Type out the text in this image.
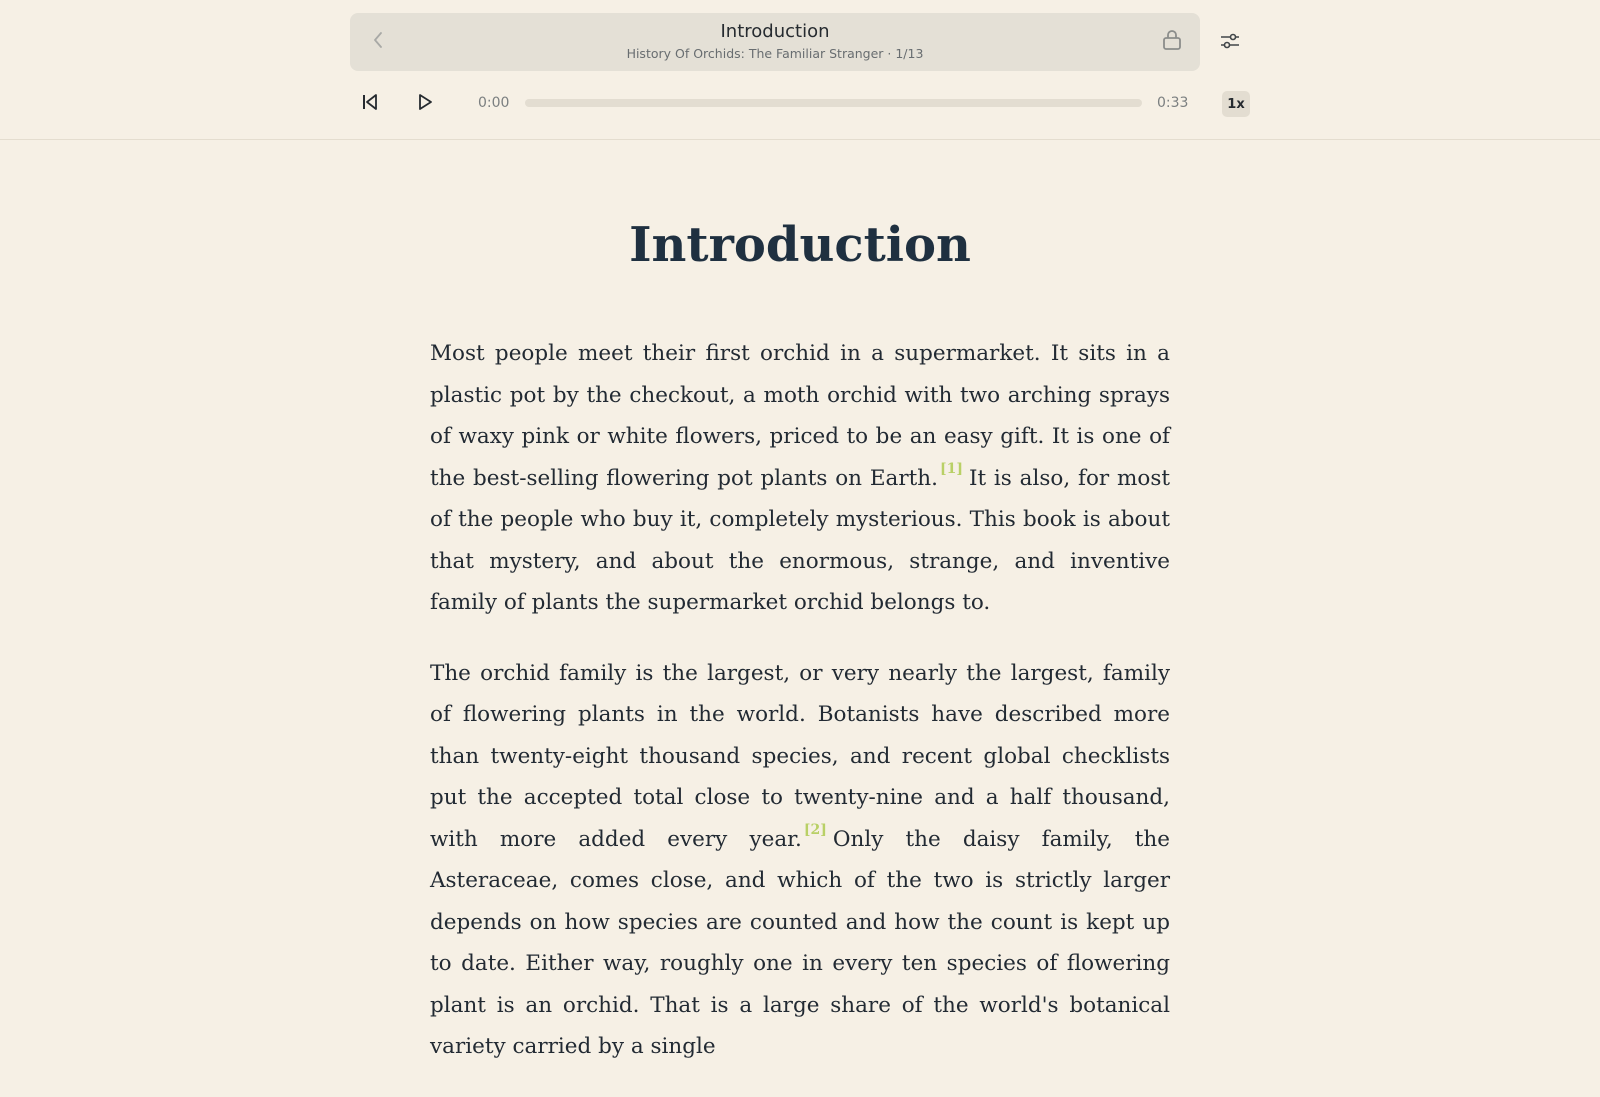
Introduction
History Of Orchids: The Familiar Stranger · 1/13
0:00	0:33	1x
Introduction

Most people meet their first orchid in a supermarket. It sits in a plastic pot by the checkout, a moth orchid with two arching sprays of waxy pink or white flowers, priced to be an easy gift. It is one of the best-selling flowering pot plants on Earth. [1] It is also, for most of the people who buy it, completely mysterious. This book is about that mystery, and about the enormous, strange, and inventive family of plants the supermarket orchid belongs to.

The orchid family is the largest, or very nearly the largest, family of flowering plants in the world. Botanists have described more than twenty-eight thousand species, and recent global checklists put the accepted total close to twenty-nine and a half thousand, with more added every year. [2] Only the daisy family, the Asteraceae, comes close, and which of the two is strictly larger depends on how species are counted and how the count is kept up to date. Either way, roughly one in every ten species of flowering plant is an orchid. That is a large share of the world's botanical variety carried by a single
